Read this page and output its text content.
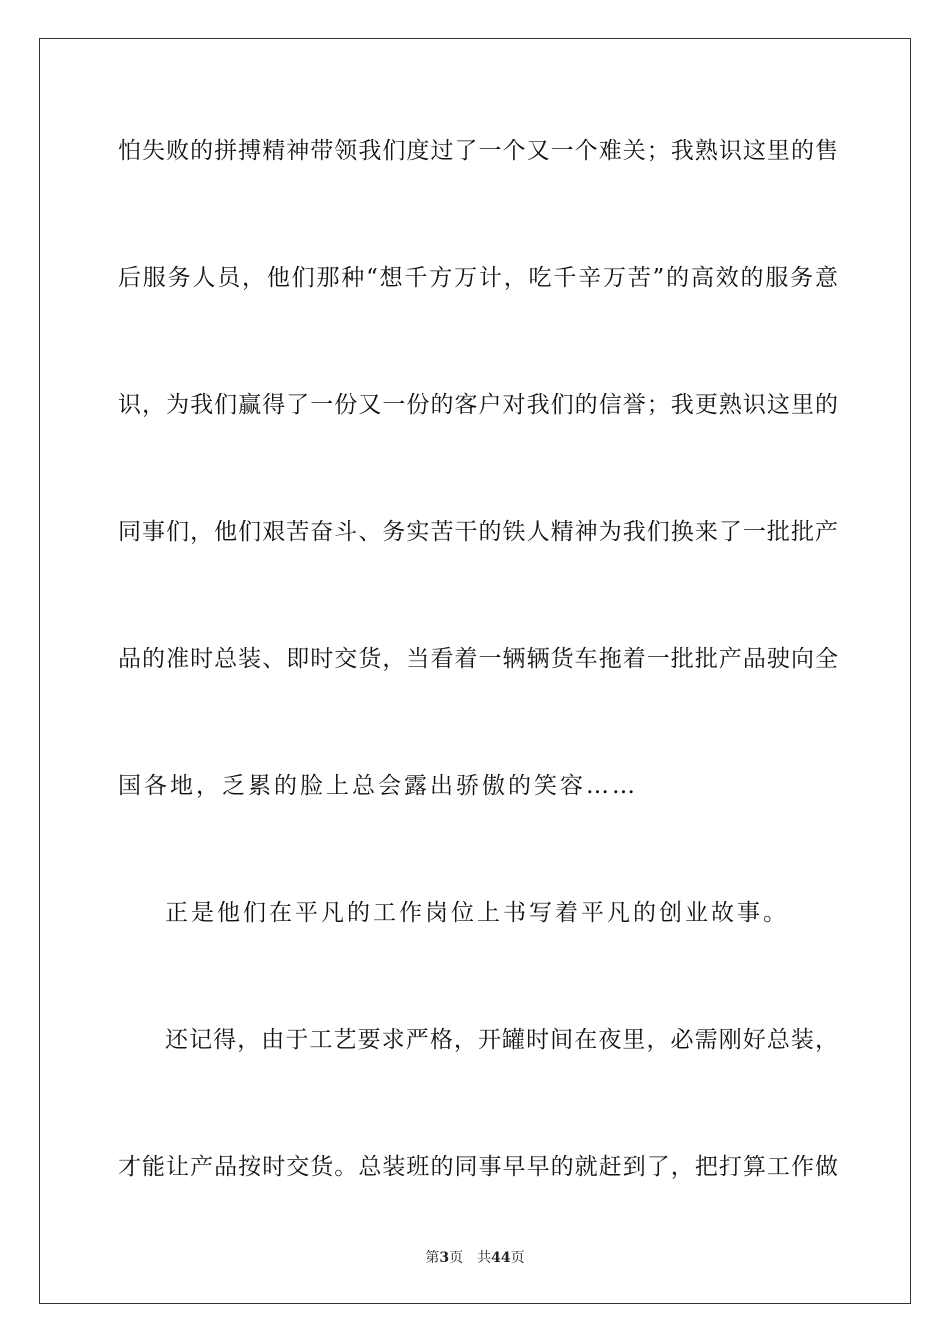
怕失败的拼搏精神带领我们度过了一个又一个难关；我熟识这里的售
后服务人员，他们那种“想千方万计，吃千辛万苦”的高效的服务意
识，为我们赢得了一份又一份的客户对我们的信誉；我更熟识这里的
同事们，他们艰苦奋斗、务实苦干的铁人精神为我们换来了一批批产
品的准时总装、即时交货，当看着一辆辆货车拖着一批批产品驶向全
国各地，乏累的脸上总会露出骄傲的笑容……
正是他们在平凡的工作岗位上书写着平凡的创业故事。
还记得，由于工艺要求严格，开罐时间在夜里，必需刚好总装，
才能让产品按时交货。总装班的同事早早的就赶到了，把打算工作做
第3页 共44页
